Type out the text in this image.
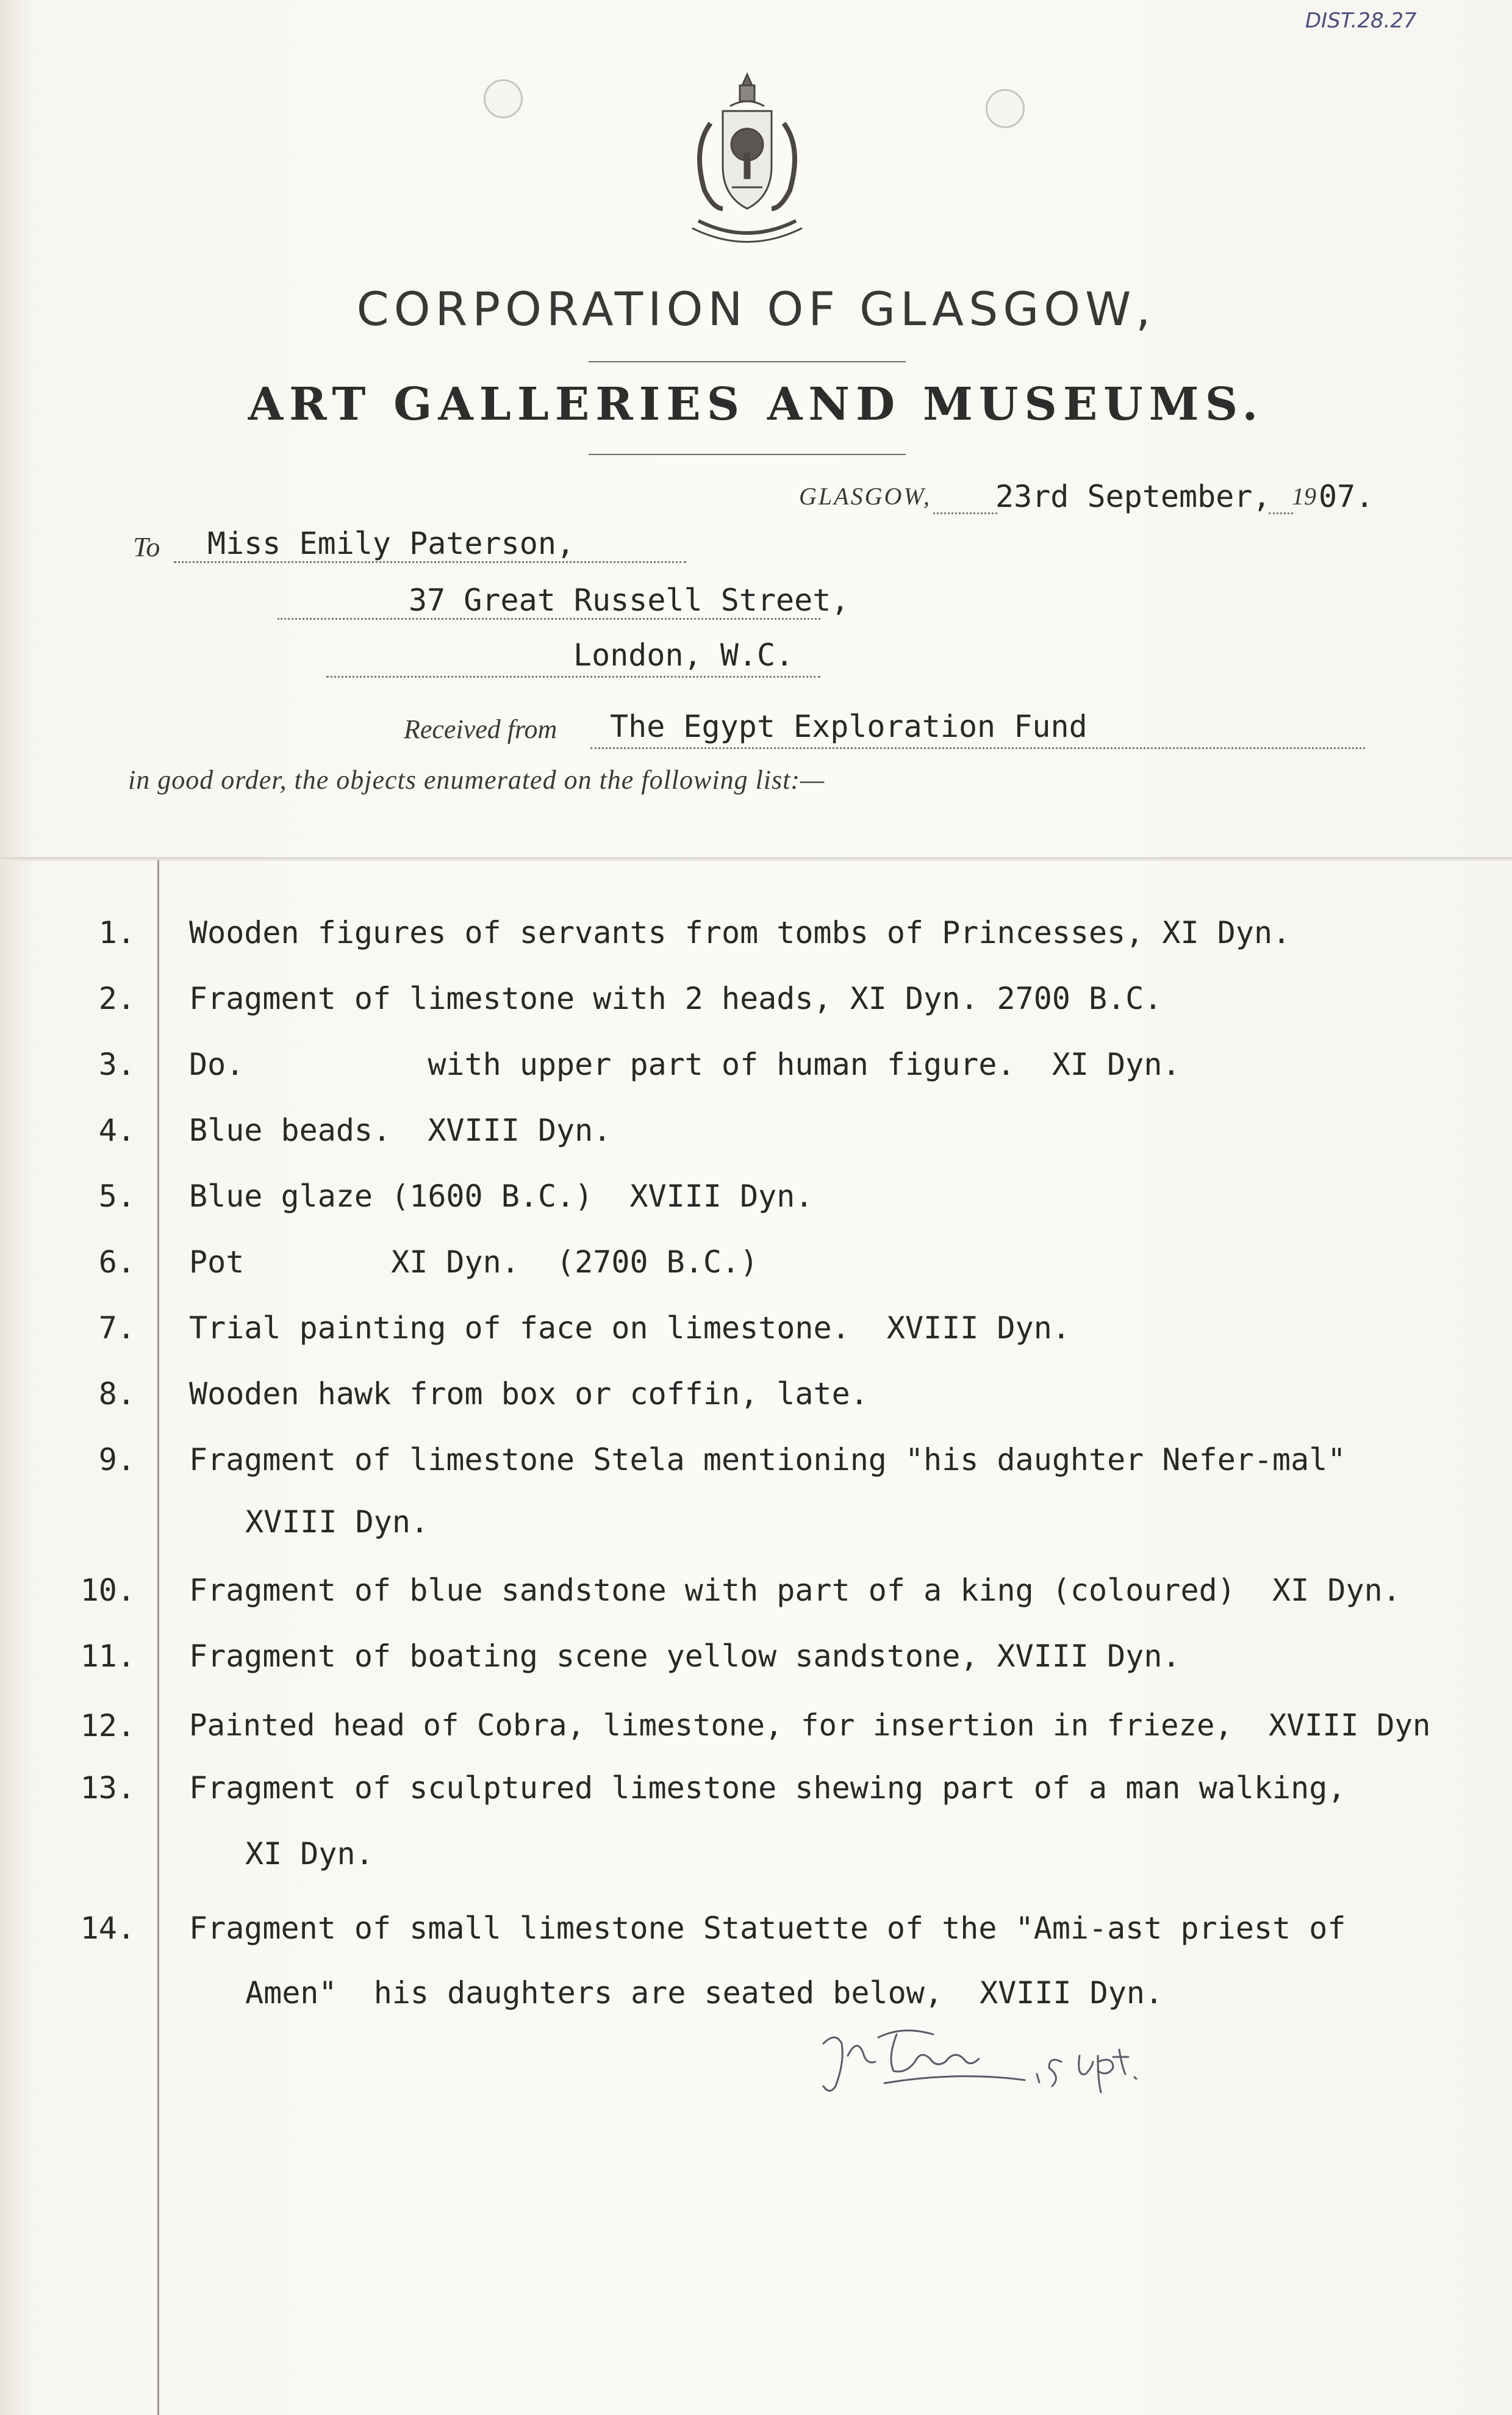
DIST.28.27
CORPORATION OF GLASGOW,
ART GALLERIES AND MUSEUMS.
GLASGOW, 23rd September, 19 07.
To Miss Emily Paterson,
37 Great Russell Street,
London, W.C.
Received from The Egypt Exploration Fund
in good order, the objects enumerated on the following list:—
1. Wooden figures of servants from tombs of Princesses, XI Dyn.
2. Fragment of limestone with 2 heads, XI Dyn. 2700 B.C.
3. Do.          with upper part of human figure.  XI Dyn.
4. Blue beads.  XVIII Dyn.
5. Blue glaze (1600 B.C.)  XVIII Dyn.
6. Pot        XI Dyn.  (2700 B.C.)
7. Trial painting of face on limestone.  XVIII Dyn.
8. Wooden hawk from box or coffin, late.
9. Fragment of limestone Stela mentioning "his daughter Nefer-mal"
XVIII Dyn.
10. Fragment of blue sandstone with part of a king (coloured)  XI Dyn.
11. Fragment of boating scene yellow sandstone, XVIII Dyn.
12. Painted head of Cobra, limestone, for insertion in frieze,  XVIII Dyn
13. Fragment of sculptured limestone shewing part of a man walking,
XI Dyn.
14. Fragment of small limestone Statuette of the "Ami-ast priest of
Amen"  his daughters are seated below,  XVIII Dyn.
